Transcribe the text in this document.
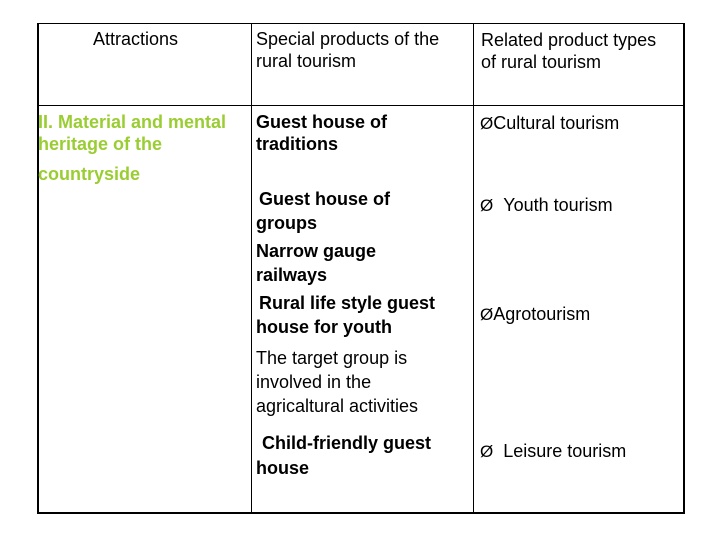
Attractions	Special products of the
rural tourism
Related product types
of rural tourism
II. Material and mental
heritage of the
countryside
Guest house of
traditions
Guest house of
groups
Narrow gauge
railways
Rural life style guest
house for youth
The target group is
involved in the
agricaltural activities
Child-friendly guest
house
ØCultural tourism
Ø Youth tourism
ØAgrotourism
Ø Leisure tourism
